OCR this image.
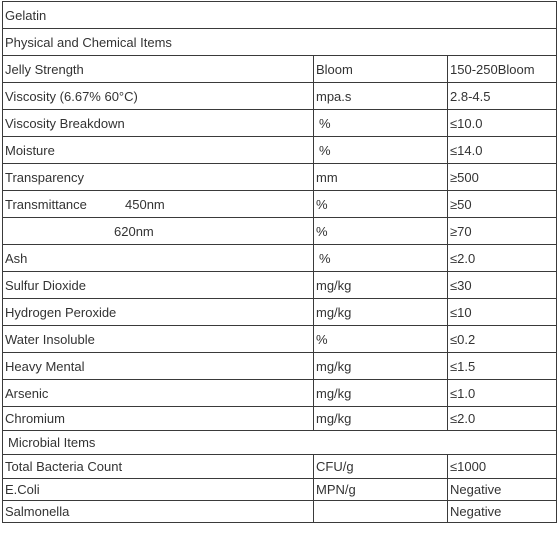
Gelatin		
Physical and Chemical Items		
Jelly Strength	Bloom	150-250Bloom
Viscosity (6.67% 60°C)	mpa.s	2.8-4.5
Viscosity Breakdown	%	≤10.0
Moisture	%	≤14.0
Transparency	mm	≥500
Transmittance 450nm	%	≥50
620nm	%	≥70
Ash	%	≤2.0
Sulfur Dioxide	mg/kg	≤30
Hydrogen Peroxide	mg/kg	≤10
Water Insoluble	%	≤0.2
Heavy Mental	mg/kg	≤1.5
Arsenic	mg/kg	≤1.0
Chromium	mg/kg	≤2.0
Microbial Items		
Total Bacteria Count	CFU/g	≤1000
E.Coli	MPN/g	Negative
Salmonella		Negative
